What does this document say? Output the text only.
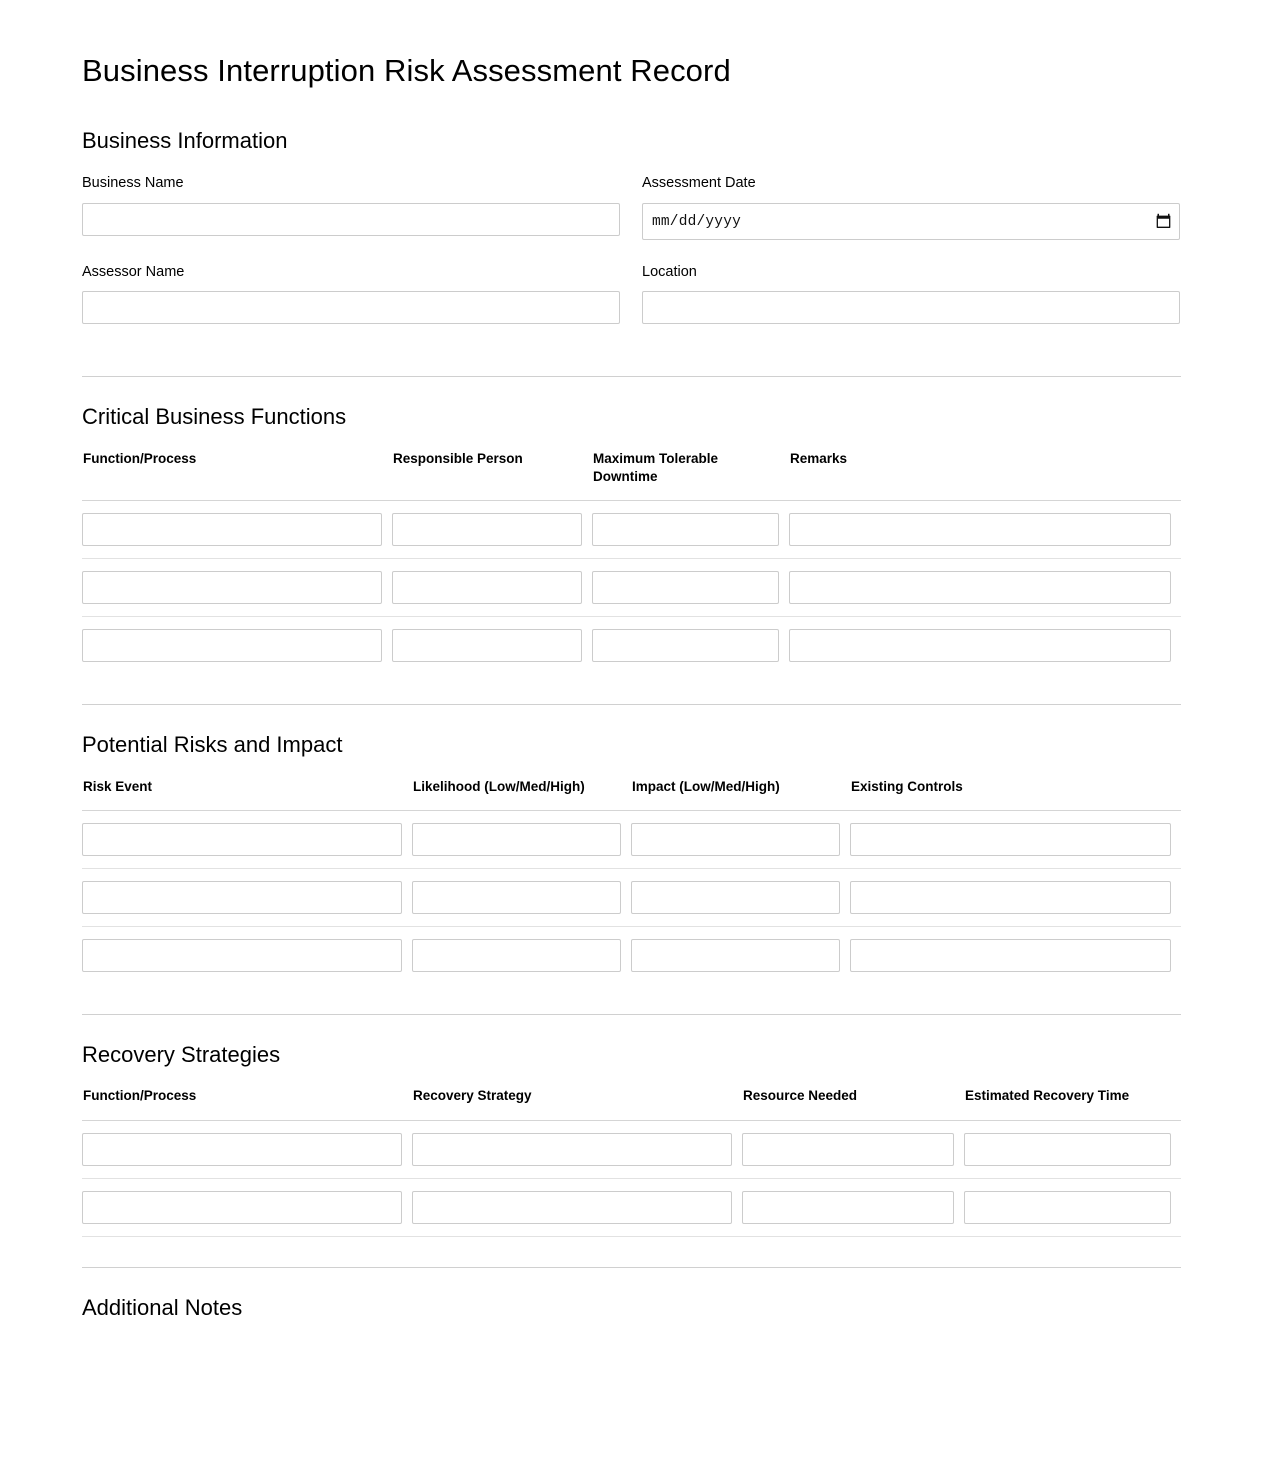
Business Interruption Risk Assessment Record
Business Information
Business Name	Assessment Date
mm/dd/yyyy
Assessor Name	Location
Critical Business Functions
Function/Process	Responsible Person	Maximum Tolerable Downtime	Remarks

Potential Risks and Impact
Risk Event	Likelihood (Low/Med/High)	Impact (Low/Med/High)	Existing Controls

Recovery Strategies
Function/Process	Recovery Strategy	Resource Needed	Estimated Recovery Time

Additional Notes
